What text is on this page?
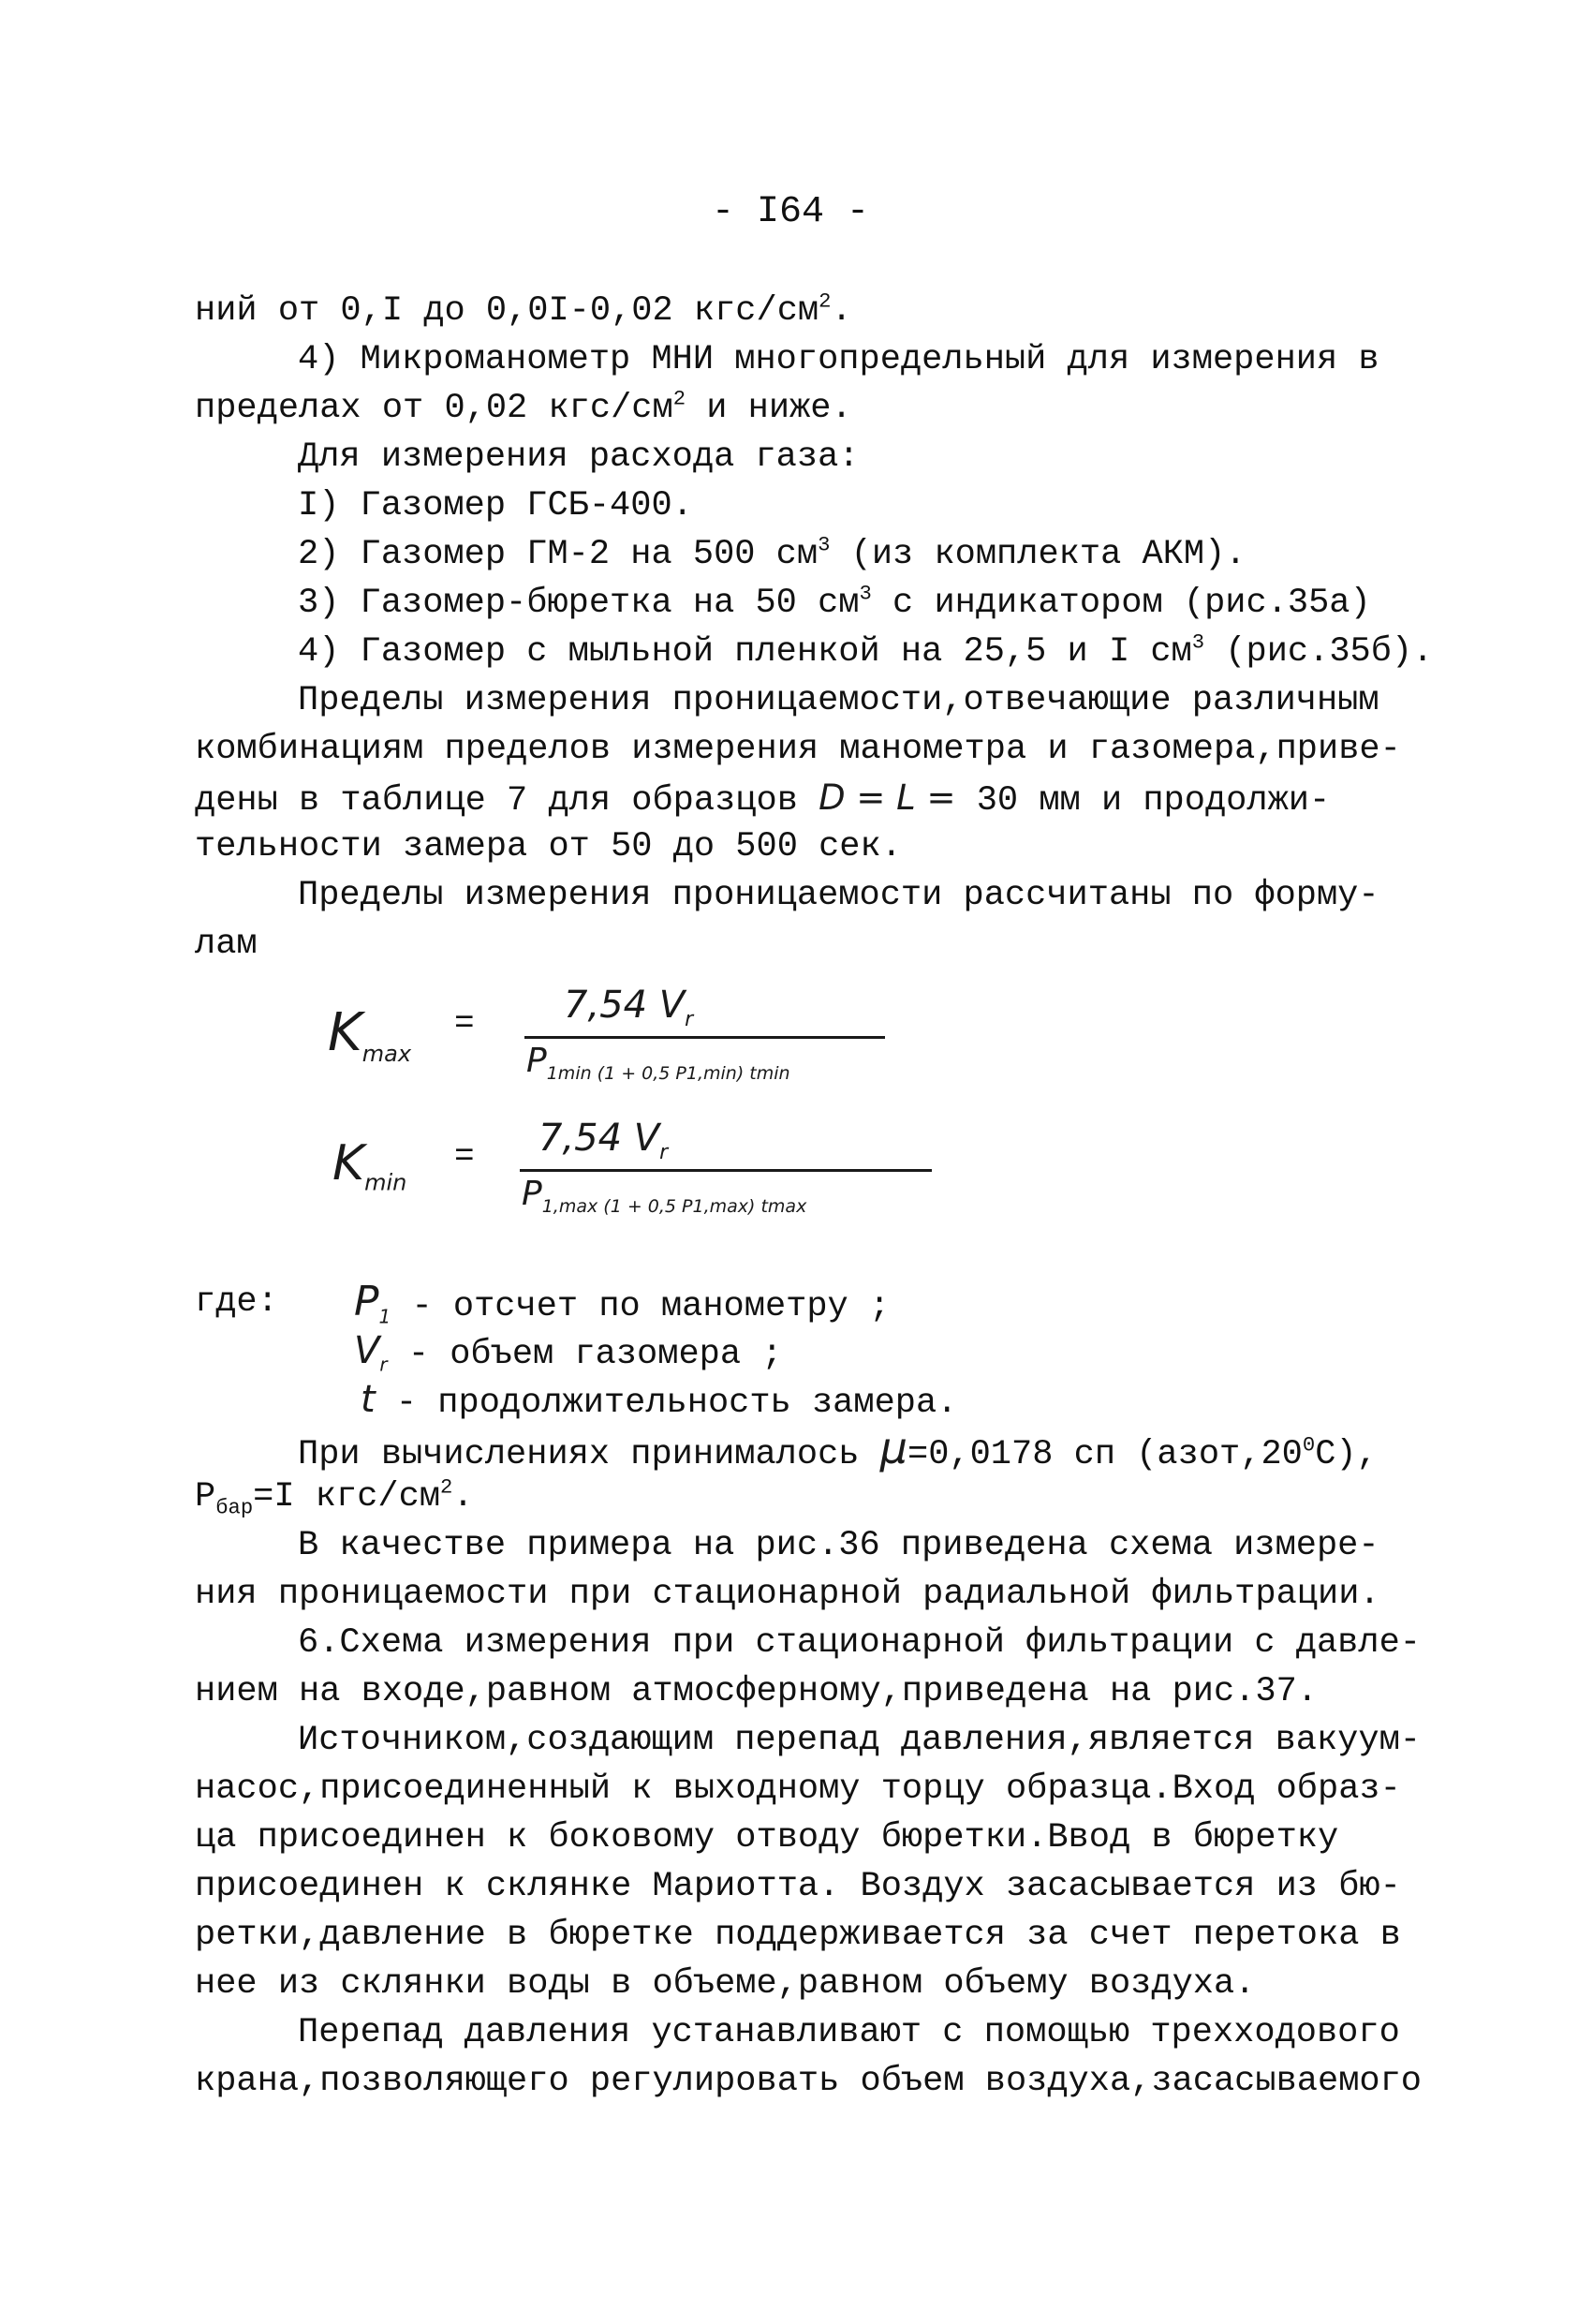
- I64 -
ний от 0,I до 0,0I-0,02 кгс/$см^2$.
4) Микроманометр МНИ многопредельный для измерения в
пределах от 0,02 кгс/$см^2$ и ниже.
Для измерения расхода газа:
I) Газомер ГСБ-400.
2) Газомер ГМ-2 на 500 $см^3$ (из комплекта АКМ).
3) Газомер-бюретка на 50 $см^3$ с индикатором (рис.35а)
4) Газомер с мыльной пленкой на 25,5 и I $см^3$ (рис.35б).
Пределы измерения проницаемости,отвечающие различным
комбинациям пределов измерения манометра и газомера,приве-
дены в таблице 7 для образцов D = L = 30 мм и продолжи-
тельности замера от 50 до 500 сек.
Пределы измерения проницаемости рассчитаны по форму-
лам
$K_{max}$
= 7,54 $V_r$
$P_{1min (1 + 0,5 P1,min) tmin}$
$K_{min}$
= 7,54 $V_r$
$P_{1,max (1 + 0,5 P1,max) tmax}$
где: $P_1$ - отсчет по манометру ;
$V_r$ - объем газомера ;
t - продолжительность замера.
При вычислениях принималось μ=0,0178 сп $(азот,20^0С)$,
$P_{бар}=I$ кгс/$см^2$.
В качестве примера на рис.36 приведена схема измере-
ния проницаемости при стационарной радиальной фильтрации.
6.Схема измерения при стационарной фильтрации с давле-
нием на входе,равном атмосферному,приведена на рис.37.
Источником,создающим перепад давления,является вакуум-
насос,присоединенный к выходному торцу образца.Вход образ-
ца присоединен к боковому отводу бюретки.Ввод в бюретку
присоединен к склянке Мариотта. Воздух засасывается из бю-
ретки,давление в бюретке поддерживается за счет перетока в
нее из склянки воды в объеме,равном объему воздуха.
Перепад давления устанавливают с помощью трехходового
крана,позволяющего регулировать объем воздуха,засасываемого
